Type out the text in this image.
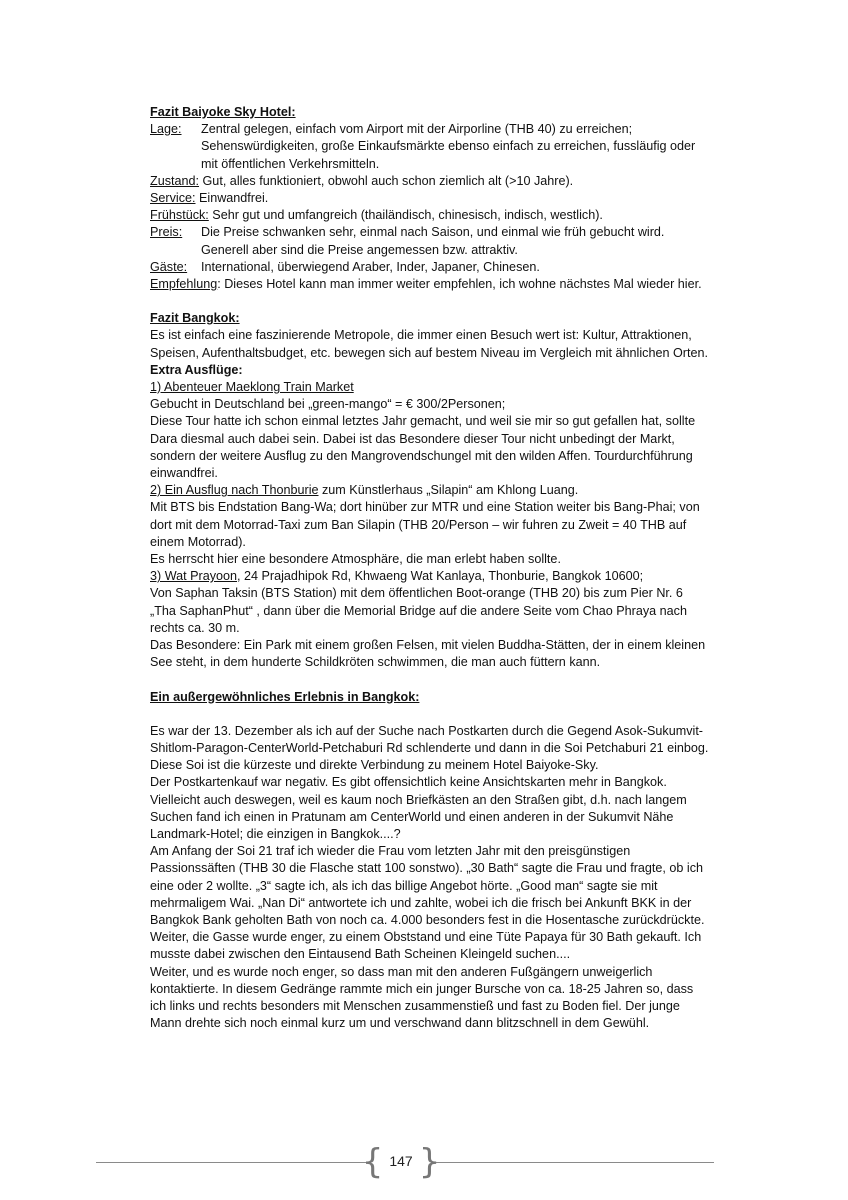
Fazit Baiyoke Sky Hotel:
Lage:	Zentral gelegen, einfach vom Airport mit der Airporline (THB 40) zu erreichen; Sehenswürdigkeiten, große Einkaufsmärkte ebenso einfach zu erreichen, fussläufig oder mit öffentlichen Verkehrsmitteln.
Zustand: Gut, alles funktioniert, obwohl auch schon ziemlich alt (>10 Jahre).
Service: Einwandfrei.
Frühstück: Sehr gut und umfangreich (thailändisch, chinesisch, indisch, westlich).
Preis:	Die Preise schwanken sehr, einmal nach Saison, und einmal wie früh gebucht wird. Generell aber sind die Preise angemessen bzw. attraktiv.
Gäste:	International, überwiegend Araber, Inder, Japaner, Chinesen.
Empfehlung : Dieses Hotel kann man immer weiter empfehlen, ich wohne nächstes Mal wieder hier.
Fazit Bangkok:
Es ist einfach eine faszinierende Metropole, die immer einen Besuch wert ist: Kultur, Attraktionen, Speisen, Aufenthaltsbudget, etc. bewegen sich auf bestem Niveau im Vergleich mit ähnlichen Orten.
Extra Ausflüge:
1) Abenteuer Maeklong Train Market
Gebucht in Deutschland bei „green-mango“ = € 300/2Personen;
Diese Tour hatte ich schon einmal letztes Jahr gemacht, und weil sie mir so gut gefallen hat, sollte Dara diesmal auch dabei sein. Dabei ist das Besondere dieser Tour nicht unbedingt der Markt, sondern der weitere Ausflug zu den Mangrovendschungel mit den wilden Affen. Tourdurchführung einwandfrei.
2) Ein Ausflug nach Thonburie zum Künstlerhaus „Silapin“ am Khlong Luang.
Mit BTS bis Endstation Bang-Wa; dort hinüber zur MTR und eine Station weiter bis Bang-Phai; von dort mit dem Motorrad-Taxi zum Ban Silapin (THB 20/Person – wir fuhren zu Zweit = 40 THB auf einem Motorrad).
Es herrscht hier eine besondere Atmosphäre, die man erlebt haben sollte.
3) Wat Prayoon, 24 Prajadhipok Rd, Khwaeng Wat Kanlaya, Thonburie, Bangkok 10600;
Von Saphan Taksin (BTS Station) mit dem öffentlichen Boot-orange (THB 20) bis zum Pier Nr. 6 „Tha SaphanPhut“ , dann über die Memorial Bridge auf die andere Seite vom Chao Phraya nach rechts ca. 30 m.
Das Besondere: Ein Park mit einem großen Felsen, mit vielen Buddha-Stätten, der in einem kleinen See steht, in dem hunderte Schildkröten schwimmen, die man auch füttern kann.
Ein außergewöhnliches Erlebnis in Bangkok:
Es war der 13. Dezember als ich auf der Suche nach Postkarten durch die Gegend Asok-Sukumvit-Shitlom-Paragon-CenterWorld-Petchaburi Rd schlenderte und dann in die Soi Petchaburi 21 einbog. Diese Soi ist die kürzeste und direkte Verbindung zu meinem Hotel Baiyoke-Sky.
Der Postkartenkauf war negativ. Es gibt offensichtlich keine Ansichtskarten mehr in Bangkok. Vielleicht auch deswegen, weil es kaum noch Briefkästen an den Straßen gibt, d.h. nach langem Suchen fand ich einen in Pratunam am CenterWorld und einen anderen in der Sukumvit Nähe Landmark-Hotel; die einzigen in Bangkok....?
Am Anfang der Soi 21 traf ich wieder die Frau vom letzten Jahr mit den preisgünstigen Passionssäften (THB 30 die Flasche statt 100 sonstwo). „30 Bath“ sagte die Frau und fragte, ob ich eine oder 2 wollte. „3“ sagte ich, als ich das billige Angebot hörte. „Good man“ sagte sie mit mehrmaligem Wai. „Nan Di“ antwortete ich und zahlte, wobei ich die frisch bei Ankunft BKK in der Bangkok Bank geholten Bath von noch ca. 4.000 besonders fest in die Hosentasche zurückdrückte.
Weiter, die Gasse wurde enger, zu einem Obststand und eine Tüte Papaya für 30 Bath gekauft. Ich musste dabei zwischen den Eintausend Bath Scheinen Kleingeld suchen....
Weiter, und es wurde noch enger, so dass man mit den anderen Fußgängern unweigerlich kontaktierte. In diesem Gedränge rammte mich ein junger Bursche von ca. 18-25 Jahren so, dass ich links und rechts besonders mit Menschen zusammenstieß und fast zu Boden fiel. Der junge Mann drehte sich noch einmal kurz um und verschwand dann blitzschnell in dem Gewühl.
{ 147 }
